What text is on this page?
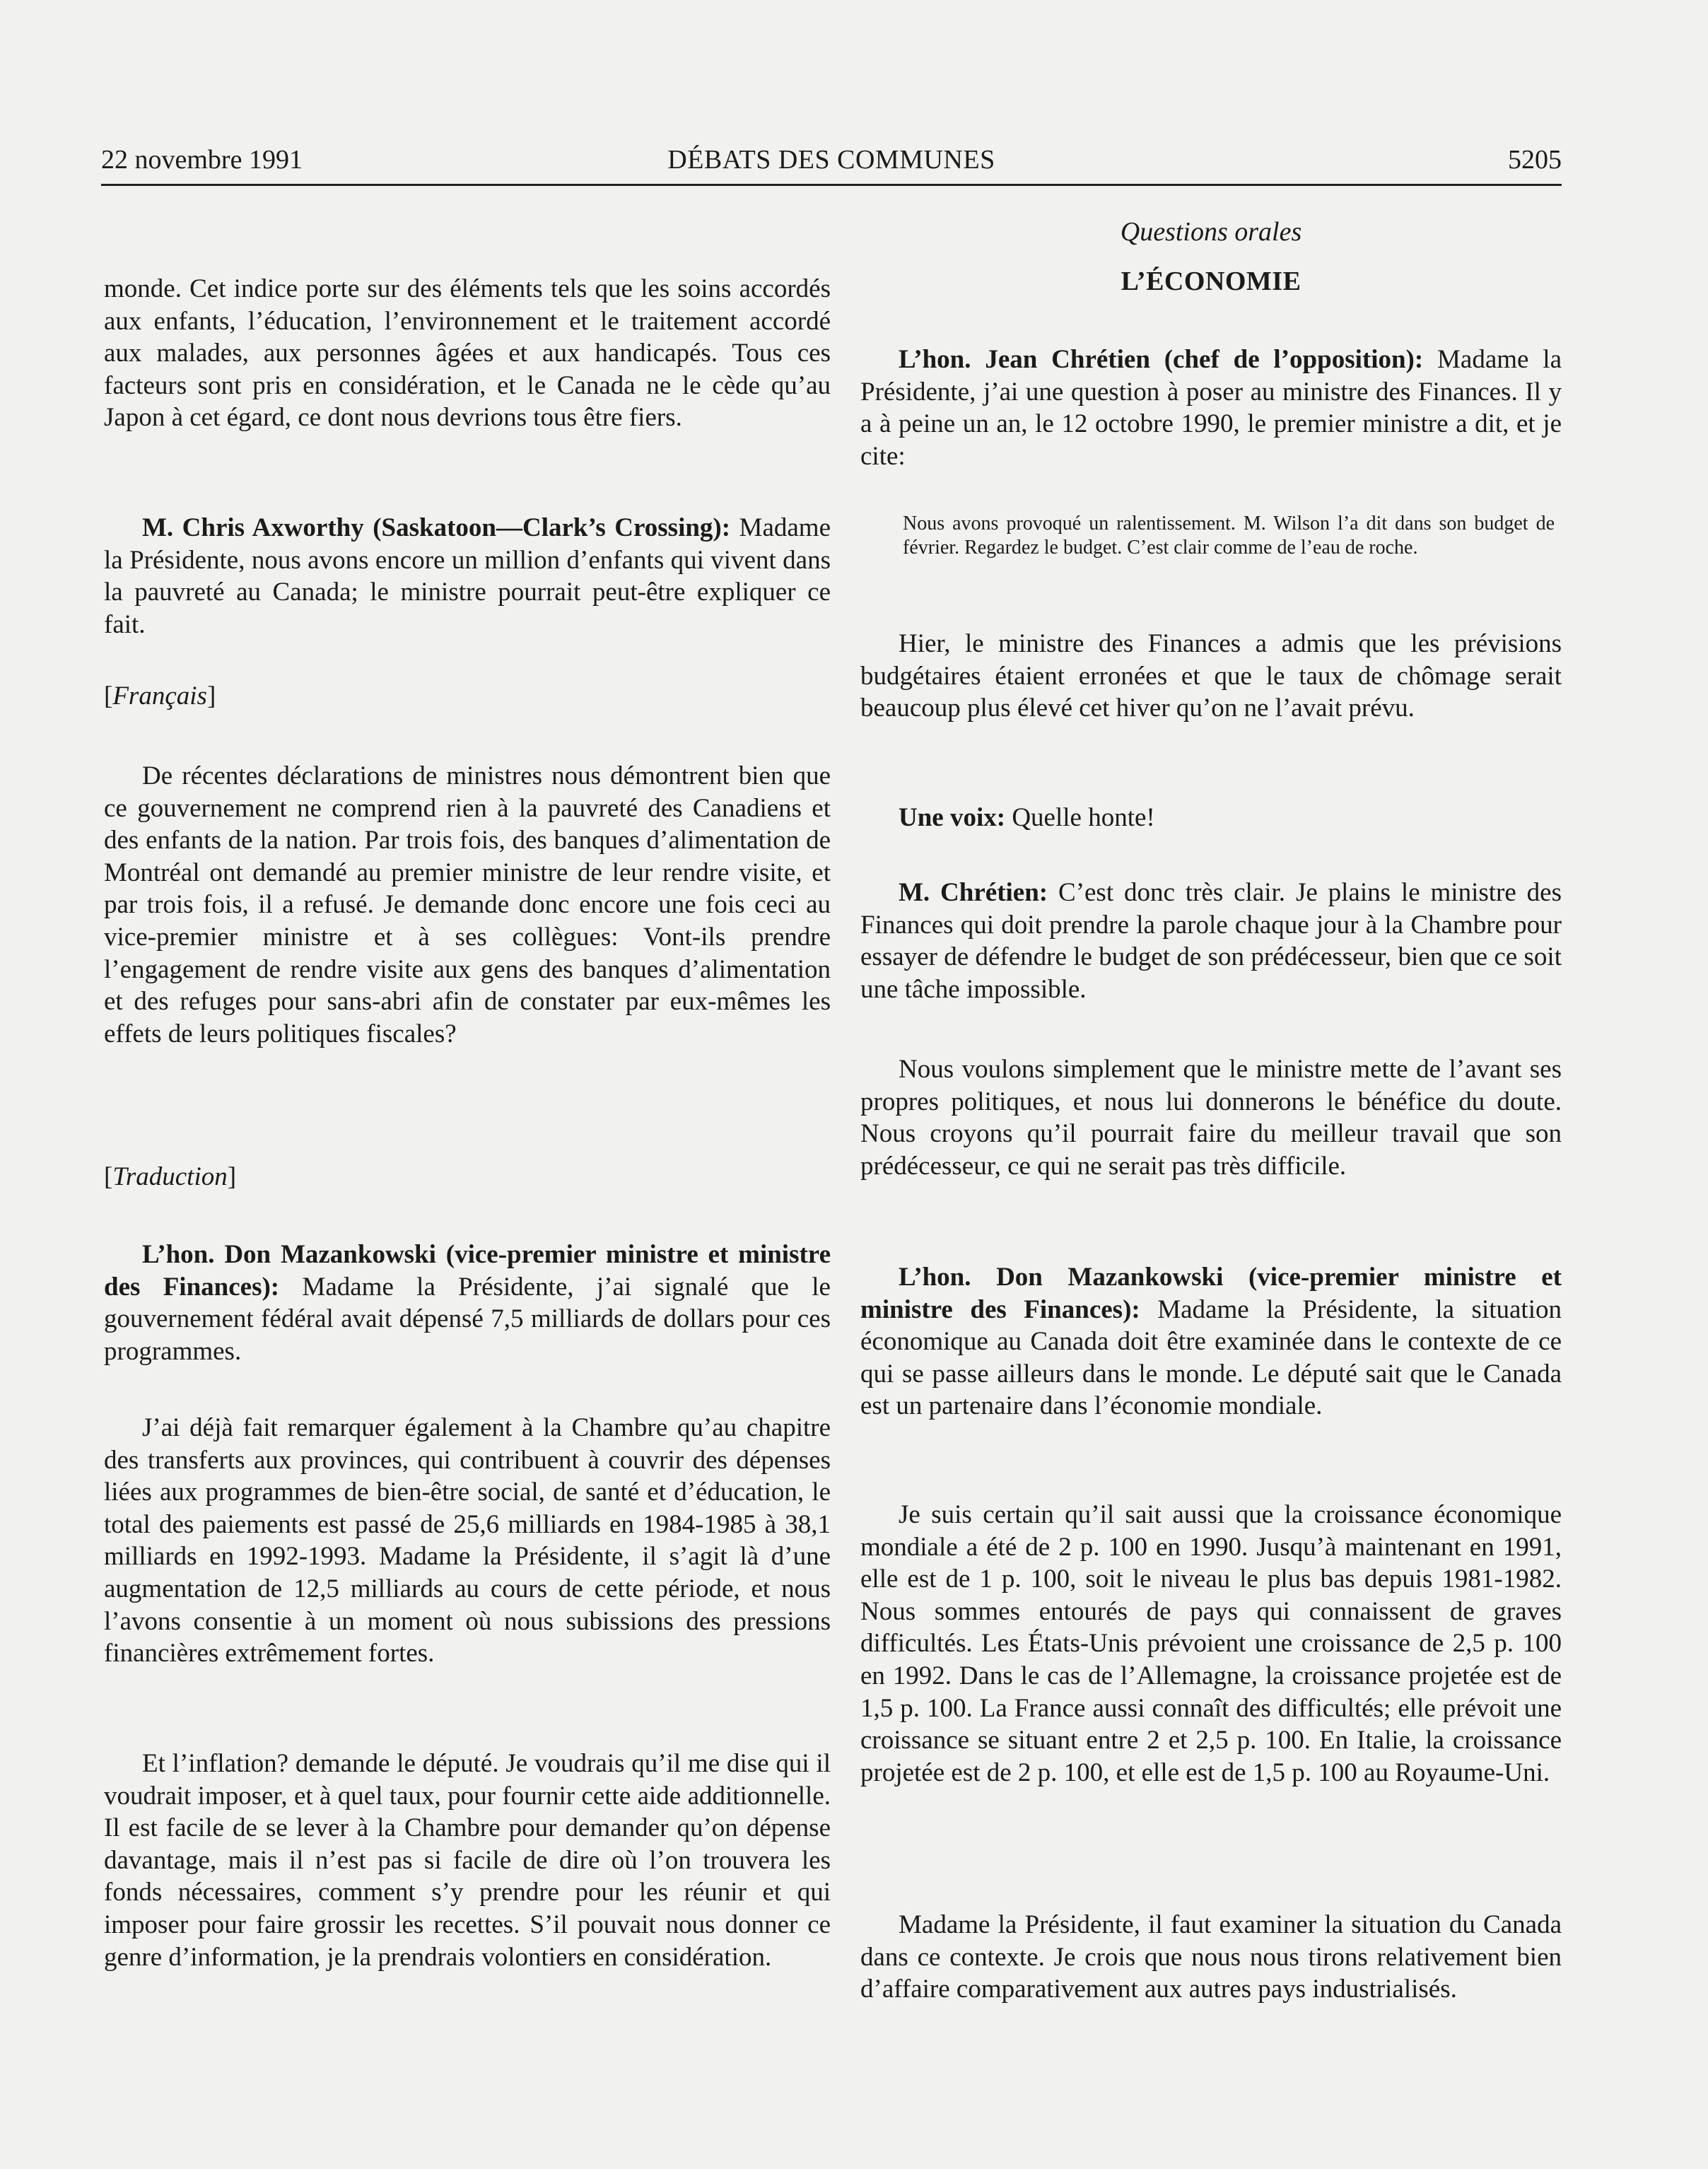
22 novembre 1991	DÉBATS DES COMMUNES	5205

monde. Cet indice porte sur des éléments tels que les soins accordés aux enfants, l’éducation, l’environnement et le traitement accordé aux malades, aux personnes âgées et aux handicapés. Tous ces facteurs sont pris en considération, et le Canada ne le cède qu’au Japon à cet égard, ce dont nous devrions tous être fiers.

M. Chris Axworthy (Saskatoon—Clark’s Crossing): Madame la Présidente, nous avons encore un million d’enfants qui vivent dans la pauvreté au Canada; le ministre pourrait peut-être expliquer ce fait.

[Français]

De récentes déclarations de ministres nous démontrent bien que ce gouvernement ne comprend rien à la pauvreté des Canadiens et des enfants de la nation. Par trois fois, des banques d’alimentation de Montréal ont demandé au premier ministre de leur rendre visite, et par trois fois, il a refusé. Je demande donc encore une fois ceci au vice-premier ministre et à ses collègues: Vont-ils prendre l’engagement de rendre visite aux gens des banques d’alimentation et des refuges pour sans-abri afin de constater par eux-mêmes les effets de leurs politiques fiscales?

[Traduction]

L’hon. Don Mazankowski (vice-premier ministre et ministre des Finances): Madame la Présidente, j’ai signalé que le gouvernement fédéral avait dépensé 7,5 milliards de dollars pour ces programmes.

J’ai déjà fait remarquer également à la Chambre qu’au chapitre des transferts aux provinces, qui contribuent à couvrir des dépenses liées aux programmes de bien-être social, de santé et d’éducation, le total des paiements est passé de 25,6 milliards en 1984-1985 à 38,1 milliards en 1992-1993. Madame la Présidente, il s’agit là d’une augmentation de 12,5 milliards au cours de cette période, et nous l’avons consentie à un moment où nous subissions des pressions financières extrêmement fortes.

Et l’inflation? demande le député. Je voudrais qu’il me dise qui il voudrait imposer, et à quel taux, pour fournir cette aide additionnelle. Il est facile de se lever à la Chambre pour demander qu’on dépense davantage, mais il n’est pas si facile de dire où l’on trouvera les fonds nécessaires, comment s’y prendre pour les réunir et qui imposer pour faire grossir les recettes. S’il pouvait nous donner ce genre d’information, je la prendrais volontiers en considération.

Questions orales
L’ÉCONOMIE

L’hon. Jean Chrétien (chef de l’opposition): Madame la Présidente, j’ai une question à poser au ministre des Finances. Il y a à peine un an, le 12 octobre 1990, le premier ministre a dit, et je cite:

Nous avons provoqué un ralentissement. M. Wilson l’a dit dans son budget de février. Regardez le budget. C’est clair comme de l’eau de roche.

Hier, le ministre des Finances a admis que les prévisions budgétaires étaient erronées et que le taux de chômage serait beaucoup plus élevé cet hiver qu’on ne l’avait prévu.

Une voix: Quelle honte!

M. Chrétien: C’est donc très clair. Je plains le ministre des Finances qui doit prendre la parole chaque jour à la Chambre pour essayer de défendre le budget de son prédécesseur, bien que ce soit une tâche impossible.

Nous voulons simplement que le ministre mette de l’avant ses propres politiques, et nous lui donnerons le bénéfice du doute. Nous croyons qu’il pourrait faire du meilleur travail que son prédécesseur, ce qui ne serait pas très difficile.

L’hon. Don Mazankowski (vice-premier ministre et ministre des Finances): Madame la Présidente, la situation économique au Canada doit être examinée dans le contexte de ce qui se passe ailleurs dans le monde. Le député sait que le Canada est un partenaire dans l’économie mondiale.

Je suis certain qu’il sait aussi que la croissance économique mondiale a été de 2 p. 100 en 1990. Jusqu’à maintenant en 1991, elle est de 1 p. 100, soit le niveau le plus bas depuis 1981-1982. Nous sommes entourés de pays qui connaissent de graves difficultés. Les États-Unis prévoient une croissance de 2,5 p. 100 en 1992. Dans le cas de l’Allemagne, la croissance projetée est de 1,5 p. 100. La France aussi connaît des difficultés; elle prévoit une croissance se situant entre 2 et 2,5 p. 100. En Italie, la croissance projetée est de 2 p. 100, et elle est de 1,5 p. 100 au Royaume-Uni.

Madame la Présidente, il faut examiner la situation du Canada dans ce contexte. Je crois que nous nous tirons relativement bien d’affaire comparativement aux autres pays industrialisés.
